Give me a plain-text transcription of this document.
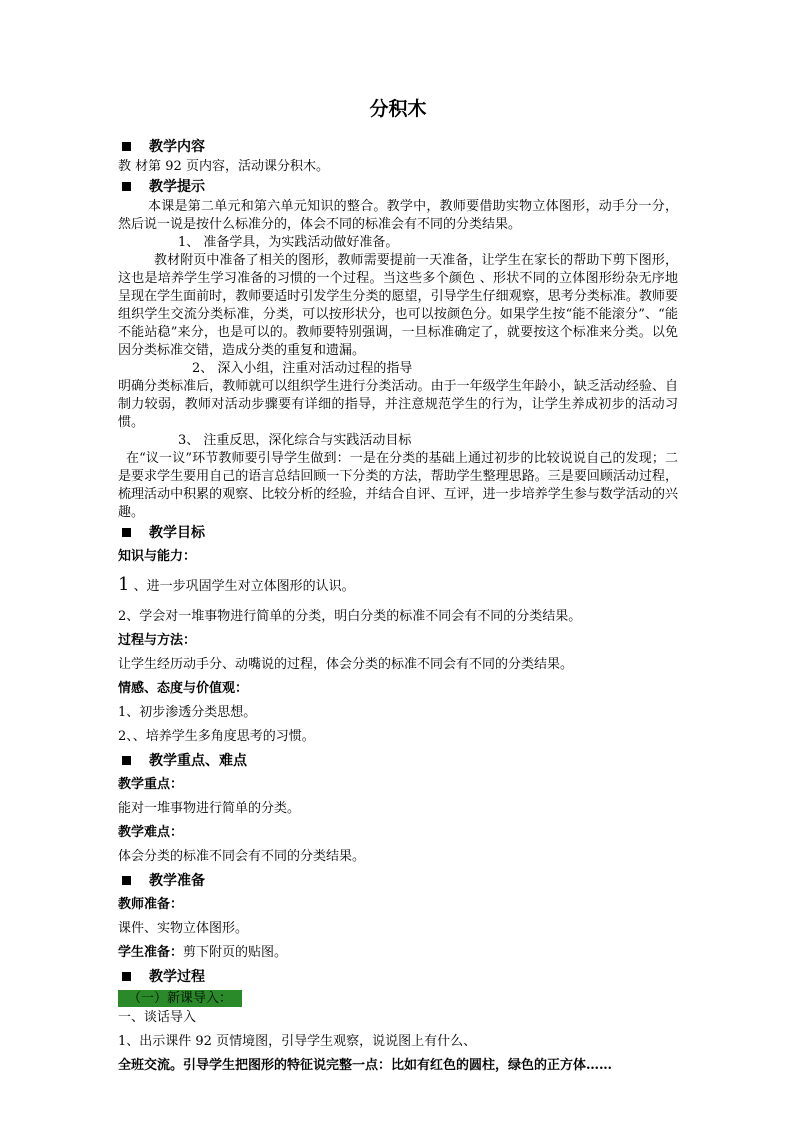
分积木
教学内容

教 材第 92 页内容，活动课分积木。

教学提示

本课是第二单元和第六单元知识的整合。教学中，教师要借助实物立体图形，动手分一分，然后说一说是按什么标准分的，体会不同的标准会有不同的分类结果。

1、 准备学具，为实践活动做好准备。

教材附页中准备了相关的图形，教师需要提前一天准备，让学生在家长的帮助下剪下图形，这也是培养学生学习准备的习惯的一个过程。当这些多个颜色 、形状不同的立体图形纷杂无序地呈现在学生面前时，教师要适时引发学生分类的愿望，引导学生仔细观察，思考分类标准。教师要组织学生交流分类标准，分类，可以按形状分，也可以按颜色分。如果学生按“能不能滚分”、“能不能站稳”来分，也是可以的。教师要特别强调，一旦标准确定了，就要按这个标准来分类。以免因分类标准交错，造成分类的重复和遗漏。

2、 深入小组，注重对活动过程的指导

明确分类标准后，教师就可以组织学生进行分类活动。由于一年级学生年龄小，缺乏活动经验、自制力较弱，教师对活动步骤要有详细的指导，并注意规范学生的行为，让学生养成初步的活动习惯。

3、 注重反思，深化综合与实践活动目标

在“议一议”环节教师要引导学生做到：一是在分类的基础上通过初步的比较说说自己的发现；二是要求学生要用自己的语言总结回顾一下分类的方法，帮助学生整理思路。三是要回顾活动过程，梳理活动中积累的观察、比较分析的经验，并结合自评、互评，进一步培养学生参与数学活动的兴趣。

教学目标
知识与能力：

1 、进一步巩固学生对立体图形的认识。

2、学会对一堆事物进行简单的分类，明白分类的标准不同会有不同的分类结果。

过程与方法：

让学生经历动手分、动嘴说的过程，体会分类的标准不同会有不同的分类结果。

情感、态度与价值观：

1、初步渗透分类思想。

2、、培养学生多角度思考的习惯。

教学重点、难点
教学重点：

能对一堆事物进行简单的分类。

教学难点：

体会分类的标准不同会有不同的分类结果。

教学准备
教师准备：

课件、实物立体图形。

学生准备：剪下附页的贴图。

教学过程
（一）新课导入：

一、谈话导入

1、出示课件 92 页情境图，引导学生观察，说说图上有什么、

全班交流。引导学生把图形的特征说完整一点：比如有红色的圆柱，绿色的正方体……
